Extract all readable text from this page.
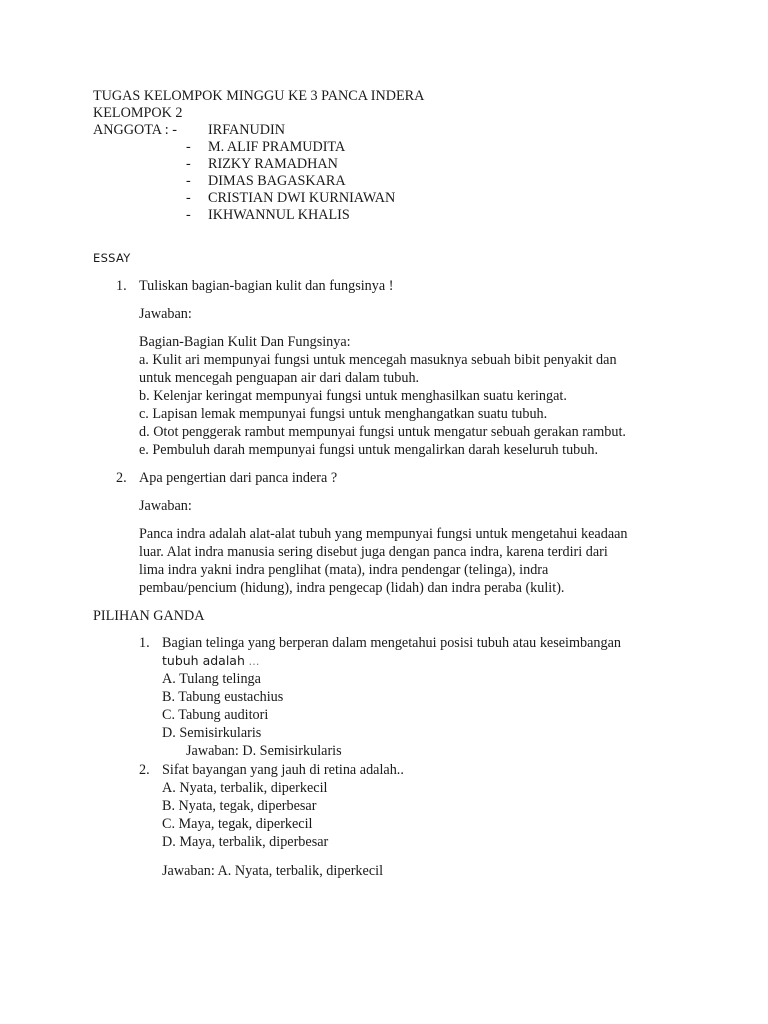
TUGAS KELOMPOK MINGGU KE 3 PANCA INDERA
KELOMPOK 2
ANGGOTA : - IRFANUDIN
- M. ALIF PRAMUDITA
- RIZKY RAMADHAN
- DIMAS BAGASKARA
- CRISTIAN DWI KURNIAWAN
- IKHWANNUL KHALIS
ESSAY
1. Tuliskan bagian-bagian kulit dan fungsinya !
Jawaban:
Bagian-Bagian Kulit Dan Fungsinya:
a. Kulit ari mempunyai fungsi untuk mencegah masuknya sebuah bibit penyakit dan
untuk mencegah penguapan air dari dalam tubuh.
b. Kelenjar keringat mempunyai fungsi untuk menghasilkan suatu keringat.
c. Lapisan lemak mempunyai fungsi untuk menghangatkan suatu tubuh.
d. Otot penggerak rambut mempunyai fungsi untuk mengatur sebuah gerakan rambut.
e. Pembuluh darah mempunyai fungsi untuk mengalirkan darah keseluruh tubuh.
2. Apa pengertian dari panca indera ?
Jawaban:
Panca indra adalah alat-alat tubuh yang mempunyai fungsi untuk mengetahui keadaan
luar. Alat indra manusia sering disebut juga dengan panca indra, karena terdiri dari
lima indra yakni indra penglihat (mata), indra pendengar (telinga), indra
pembau/pencium (hidung), indra pengecap (lidah) dan indra peraba (kulit).
PILIHAN GANDA
1. Bagian telinga yang berperan dalam mengetahui posisi tubuh atau keseimbangan
tubuh adalah …
A. Tulang telinga
B. Tabung eustachius
C. Tabung auditori
D. Semisirkularis
Jawaban: D. Semisirkularis
2. Sifat bayangan yang jauh di retina adalah..
A. Nyata, terbalik, diperkecil
B. Nyata, tegak, diperbesar
C. Maya, tegak, diperkecil
D. Maya, terbalik, diperbesar
Jawaban: A. Nyata, terbalik, diperkecil
